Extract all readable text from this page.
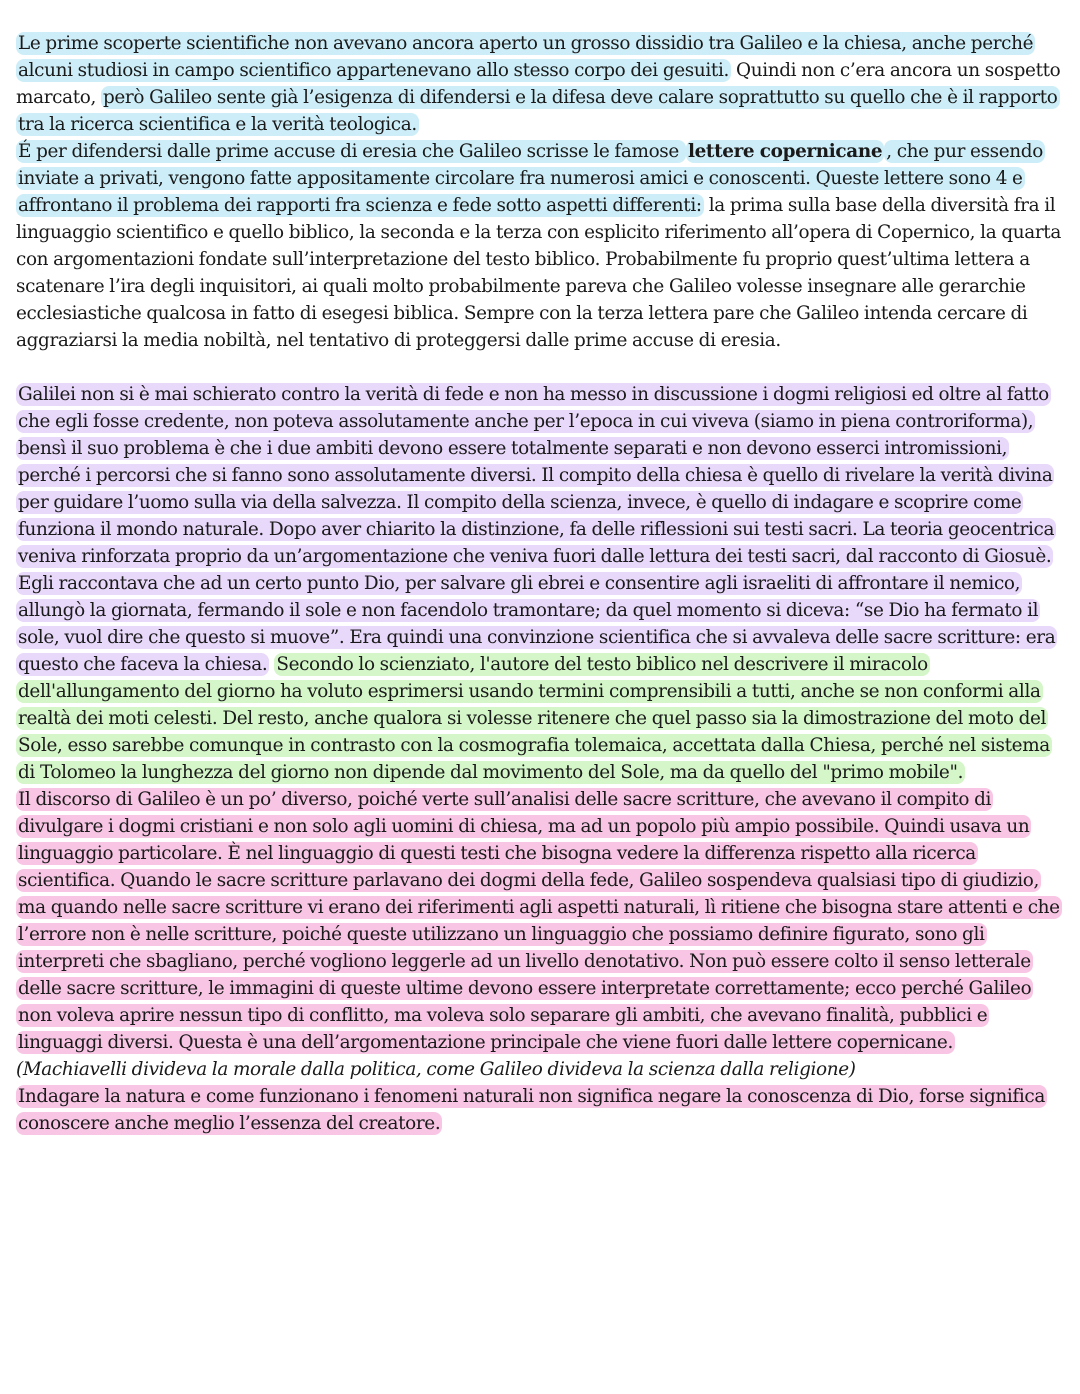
Le prime scoperte scientifiche non avevano ancora aperto un grosso dissidio tra Galileo e la chiesa, anche perché alcuni studiosi in campo scientifico appartenevano allo stesso corpo dei gesuiti. Quindi non c’era ancora un sospetto marcato, però Galileo sente già l’esigenza di difendersi e la difesa deve calare soprattutto su quello che è il rapporto tra la ricerca scientifica e la verità teologica.
É per difendersi dalle prime accuse di eresia che Galileo scrisse le famose lettere copernicane , che pur essendo inviate a privati, vengono fatte appositamente circolare fra numerosi amici e conoscenti. Queste lettere sono 4 e affrontano il problema dei rapporti fra scienza e fede sotto aspetti differenti: la prima sulla base della diversità fra il linguaggio scientifico e quello biblico, la seconda e la terza con esplicito riferimento all’opera di Copernico, la quarta con argomentazioni fondate sull’interpretazione del testo biblico. Probabilmente fu proprio quest’ultima lettera a scatenare l’ira degli inquisitori, ai quali molto probabilmente pareva che Galileo volesse insegnare alle gerarchie ecclesiastiche qualcosa in fatto di esegesi biblica. Sempre con la terza lettera pare che Galileo intenda cercare di aggraziarsi la media nobiltà, nel tentativo di proteggersi dalle prime accuse di eresia.

Galilei non si è mai schierato contro la verità di fede e non ha messo in discussione i dogmi religiosi ed oltre al fatto che egli fosse credente, non poteva assolutamente anche per l’epoca in cui viveva (siamo in piena controriforma), bensì il suo problema è che i due ambiti devono essere totalmente separati e non devono esserci intromissioni, perché i percorsi che si fanno sono assolutamente diversi. Il compito della chiesa è quello di rivelare la verità divina per guidare l’uomo sulla via della salvezza. Il compito della scienza, invece, è quello di indagare e scoprire come funziona il mondo naturale. Dopo aver chiarito la distinzione, fa delle riflessioni sui testi sacri. La teoria geocentrica veniva rinforzata proprio da un’argomentazione che veniva fuori dalle lettura dei testi sacri, dal racconto di Giosuè. Egli raccontava che ad un certo punto Dio, per salvare gli ebrei e consentire agli israeliti di affrontare il nemico, allungò la giornata, fermando il sole e non facendolo tramontare; da quel momento si diceva: “se Dio ha fermato il sole, vuol dire che questo si muove”. Era quindi una convinzione scientifica che si avvaleva delle sacre scritture: era questo che faceva la chiesa. Secondo lo scienziato, l'autore del testo biblico nel descrivere il miracolo dell'allungamento del giorno ha voluto esprimersi usando termini comprensibili a tutti, anche se non conformi alla realtà dei moti celesti. Del resto, anche qualora si volesse ritenere che quel passo sia la dimostrazione del moto del Sole, esso sarebbe comunque in contrasto con la cosmografia tolemaica, accettata dalla Chiesa, perché nel sistema di Tolomeo la lunghezza del giorno non dipende dal movimento del Sole, ma da quello del "primo mobile".
Il discorso di Galileo è un po’ diverso, poiché verte sull’analisi delle sacre scritture, che avevano il compito di divulgare i dogmi cristiani e non solo agli uomini di chiesa, ma ad un popolo più ampio possibile. Quindi usava un linguaggio particolare. È nel linguaggio di questi testi che bisogna vedere la differenza rispetto alla ricerca scientifica. Quando le sacre scritture parlavano dei dogmi della fede, Galileo sospendeva qualsiasi tipo di giudizio, ma quando nelle sacre scritture vi erano dei riferimenti agli aspetti naturali, lì ritiene che bisogna stare attenti e che l’errore non è nelle scritture, poiché queste utilizzano un linguaggio che possiamo definire figurato, sono gli interpreti che sbagliano, perché vogliono leggerle ad un livello denotativo. Non può essere colto il senso letterale delle sacre scritture, le immagini di queste ultime devono essere interpretate correttamente; ecco perché Galileo non voleva aprire nessun tipo di conflitto, ma voleva solo separare gli ambiti, che avevano finalità, pubblici e linguaggi diversi. Questa è una dell’argomentazione principale che viene fuori dalle lettere copernicane.
(Machiavelli divideva la morale dalla politica, come Galileo divideva la scienza dalla religione)
Indagare la natura e come funzionano i fenomeni naturali non significa negare la conoscenza di Dio, forse significa conoscere anche meglio l’essenza del creatore.
